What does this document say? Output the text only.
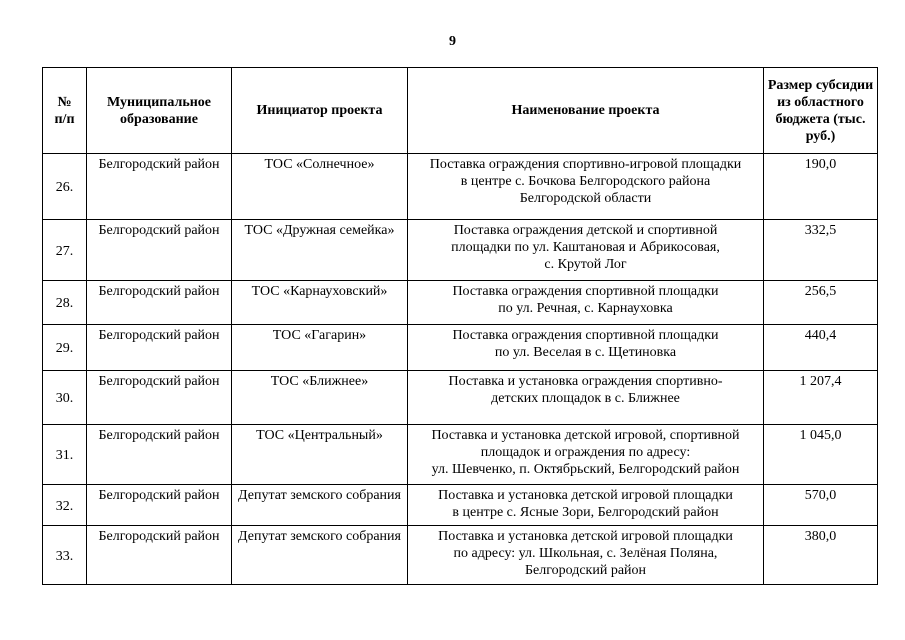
9
№
п/п	Муниципальное образование	Инициатор проекта	Наименование проекта	Размер субсидии из областного бюджета (тыс. руб.)
26.	Белгородский район	ТОС «Солнечное»	Поставка ограждения спортивно-игровой площадки
в центре с. Бочкова Белгородского района
Белгородской области	190,0
27.	Белгородский район	ТОС «Дружная семейка»	Поставка ограждения детской и спортивной
площадки по ул. Каштановая и Абрикосовая,
с. Крутой Лог	332,5
28.	Белгородский район	ТОС «Карнауховский»	Поставка ограждения спортивной площадки
по ул. Речная, с. Карнауховка	256,5
29.	Белгородский район	ТОС «Гагарин»	Поставка ограждения спортивной площадки
по ул. Веселая в с. Щетиновка	440,4
30.	Белгородский район	ТОС «Ближнее»	Поставка и установка ограждения спортивно-
детских площадок в с. Ближнее	1 207,4
31.	Белгородский район	ТОС «Центральный»	Поставка и установка детской игровой, спортивной
площадок и ограждения по адресу:
ул. Шевченко, п. Октябрьский, Белгородский район	1 045,0
32.	Белгородский район	Депутат земского собрания	Поставка и установка детской игровой площадки
в центре с. Ясные Зори, Белгородский район	570,0
33.	Белгородский район	Депутат земского собрания	Поставка и установка детской игровой площадки
по адресу: ул. Школьная, с. Зелёная Поляна,
Белгородский район	380,0
